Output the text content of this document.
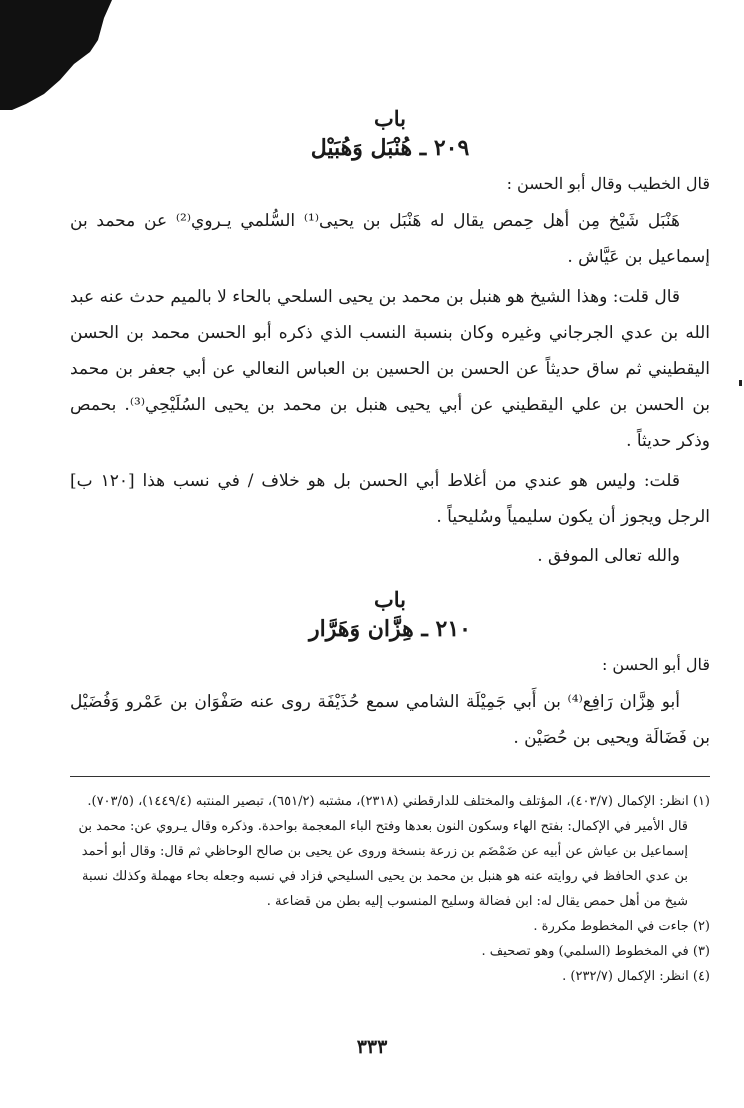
باب
٢٠٩ ـ هُنْبَل وَهُبَيْل

قال الخطيب وقال أبو الحسن :

هَنْبَل شَيْخ مِن أهل حِمص يقال له هَنْبَل بن يحيى⁽¹⁾ السُّلمي يـروي⁽²⁾ عن محمد بن إسماعيل بن عَيَّاش .

قال قلت: وهذا الشيخ هو هنبل بن محمد بن يحيى السلحي بالحاء لا بالميم حدث عنه عبد الله بن عدي الجرجاني وغيره وكان بنسبة النسب الذي ذكره أبو الحسن محمد بن الحسن اليقطيني ثم ساق حديثاً عن الحسن بن الحسين بن العباس النعالي عن أبي جعفر بن محمد بن الحسن بن علي اليقطيني عن أبي يحيى هنبل بن محمد بن يحيى السُلَيْحِي⁽³⁾. بحمص وذكر حديثاً .

قلت: وليس هو عندي من أغلاط أبي الحسن بل هو خلاف / في نسب هذا [١٢٠ ب] الرجل ويجوز أن يكون سليمياً وسُليحياً .

والله تعالى الموفق .
باب
٢١٠ ـ هِزَّان وَهَرَّار

قال أبو الحسن :

أبو هِزَّان رَافِع⁽⁴⁾ بن أَبي جَمِيْلَة الشامي سمع حُذَيْفَة روى عنه صَفْوَان بن عَمْرو وَفُضَيْل بن فَضَالَة ويحيى بن حُصَيْن .

(١) انظر: الإكمال (٤٠٣/٧)، المؤتلف والمختلف للدارقطني (٢٣١٨)، مشتبه (٦٥١/٢)، تبصير المنتبه (١٤٤٩/٤)، (٧٠٣/٥).

قال الأمير في الإكمال: بفتح الهاء وسكون النون بعدها وفتح الباء المعجمة بواحدة. وذكره وقال يـروي عن: محمد بن إسماعيل بن عياش عن أبيه عن ضَمْضَم بن زرعة بنسخة وروى عن يحيى بن صالح الوحاظي ثم قال: وقال أبو أحمد بن عدي الحافظ في روايته عنه هو هنبل بن محمد بن يحيى السليحي فزاد في نسبه وجعله بحاء مهملة وكذلك نسبة شيخ من أهل حمص يقال له: ابن فضالة وسليح المنسوب إليه بطن من قضاعة .

(٢) جاءت في المخطوط مكررة .

(٣) في المخطوط (السلمي) وهو تصحيف .

(٤) انظر: الإكمال (٢٣٢/٧) .

٣٣٣
